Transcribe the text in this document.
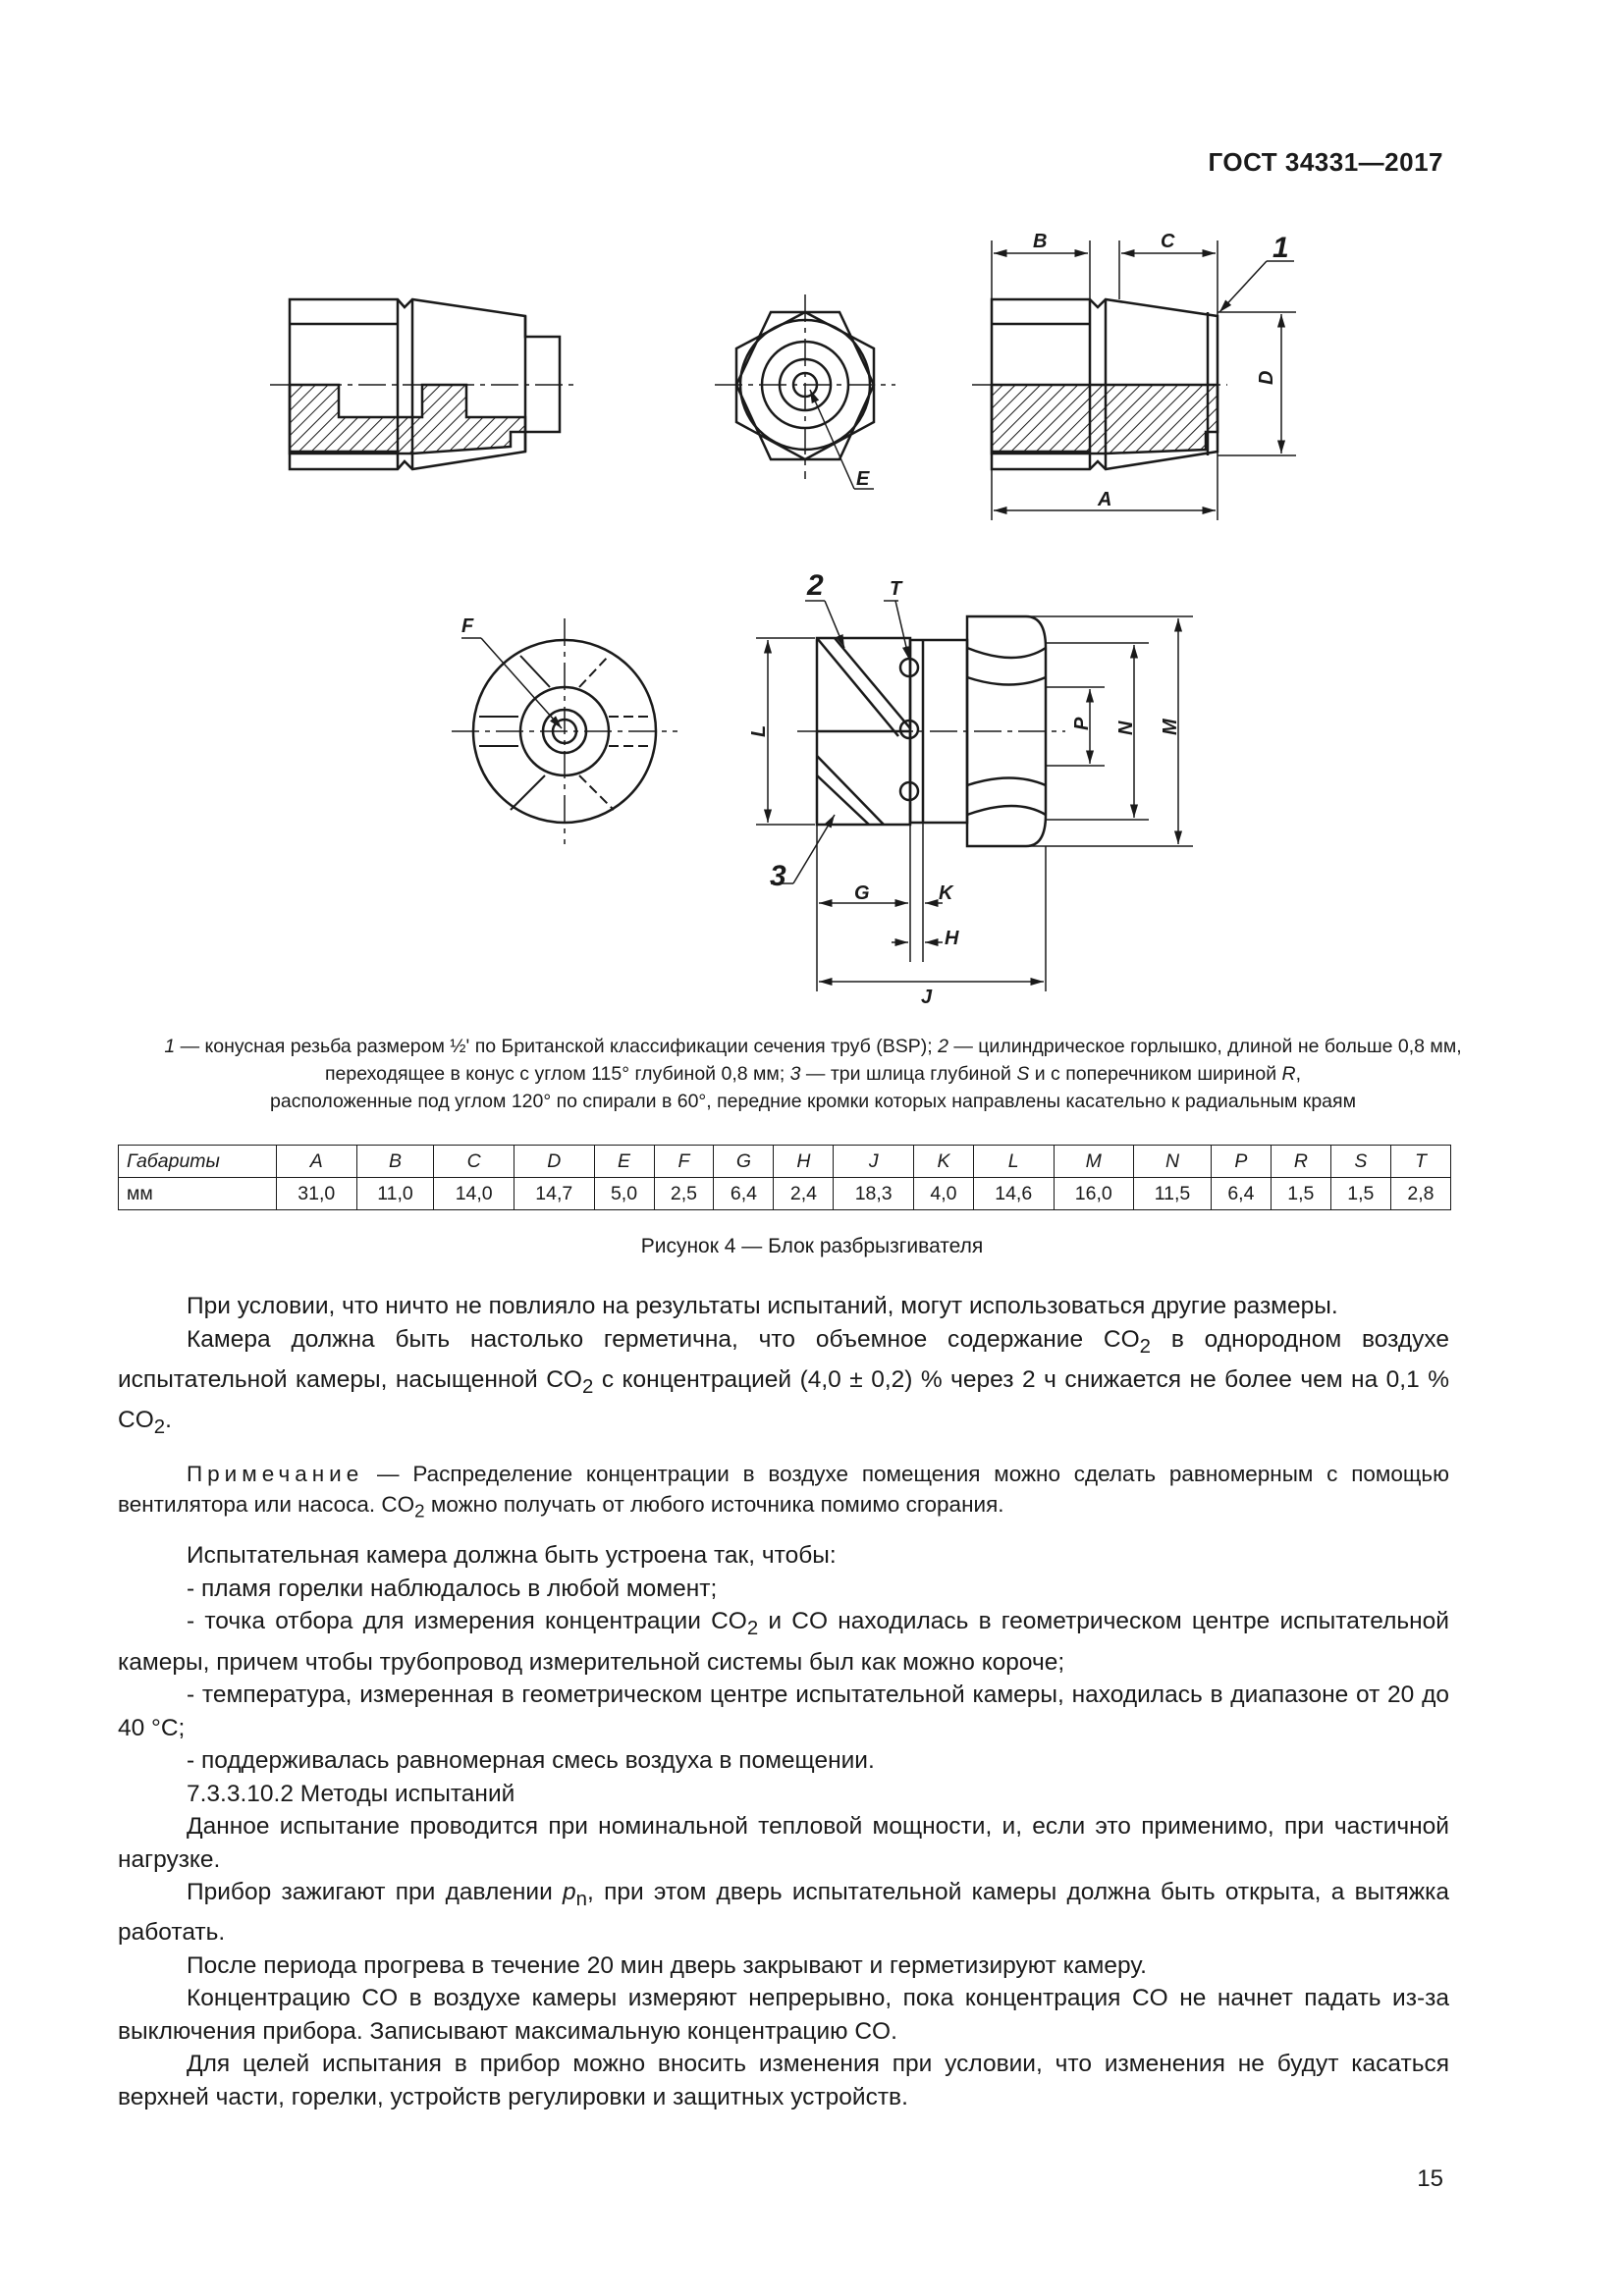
ГОСТ 34331—2017
E
B	C
A
D
1
F
L
P N M
G	K
H
J
T
2
3
1 — конусная резьба размером ½' по Британской классификации сечения труб (BSP); 2 — цилиндрическое горлышко, длиной не больше 0,8 мм, переходящее в конус с углом 115° глубиной 0,8 мм; 3 — три шлица глубиной S и с поперечником шириной R,
расположенные под углом 120° по спирали в 60°, передние кромки которых направлены касательно к радиальным краям
Габариты	A	B	C	D	E	F	G	H	J	K	L	M	N	P	R	S	T
мм	31,0	11,0	14,0	14,7	5,0	2,5	6,4	2,4	18,3	4,0	14,6	16,0	11,5	6,4	1,5	1,5	2,8
Рисунок 4 — Блок разбрызгивателя

При условии, что ничто не повлияло на результаты испытаний, могут использоваться другие размеры.

Камера должна быть настолько герметична, что объемное содержание $CO_2$ в однородном воздухе испытательной камеры, насыщенной $CO_2$ с концентрацией (4,0 ± 0,2) % через 2 ч снижается не более чем на 0,1 % $CO_2$.

Примечание — Распределение концентрации в воздухе помещения можно сделать равномерным с помощью вентилятора или насоса. $CO_2$ можно получать от любого источника помимо сгорания.

Испытательная камера должна быть устроена так, чтобы:

- пламя горелки наблюдалось в любой момент;

- точка отбора для измерения концентрации $CO_2$ и CO находилась в геометрическом центре испытательной камеры, причем чтобы трубопровод измерительной системы был как можно короче;

- температура, измеренная в геометрическом центре испытательной камеры, находилась в диапазоне от 20 до 40 °C;

- поддерживалась равномерная смесь воздуха в помещении.

7.3.3.10.2 Методы испытаний

Данное испытание проводится при номинальной тепловой мощности, и, если это применимо, при частичной нагрузке.

Прибор зажигают при давлении $p_n$, при этом дверь испытательной камеры должна быть открыта, а вытяжка работать.

После периода прогрева в течение 20 мин дверь закрывают и герметизируют камеру.

Концентрацию CO в воздухе камеры измеряют непрерывно, пока концентрация CO не начнет падать из-за выключения прибора. Записывают максимальную концентрацию CO.

Для целей испытания в прибор можно вносить изменения при условии, что изменения не будут касаться верхней части, горелки, устройств регулировки и защитных устройств.

15
